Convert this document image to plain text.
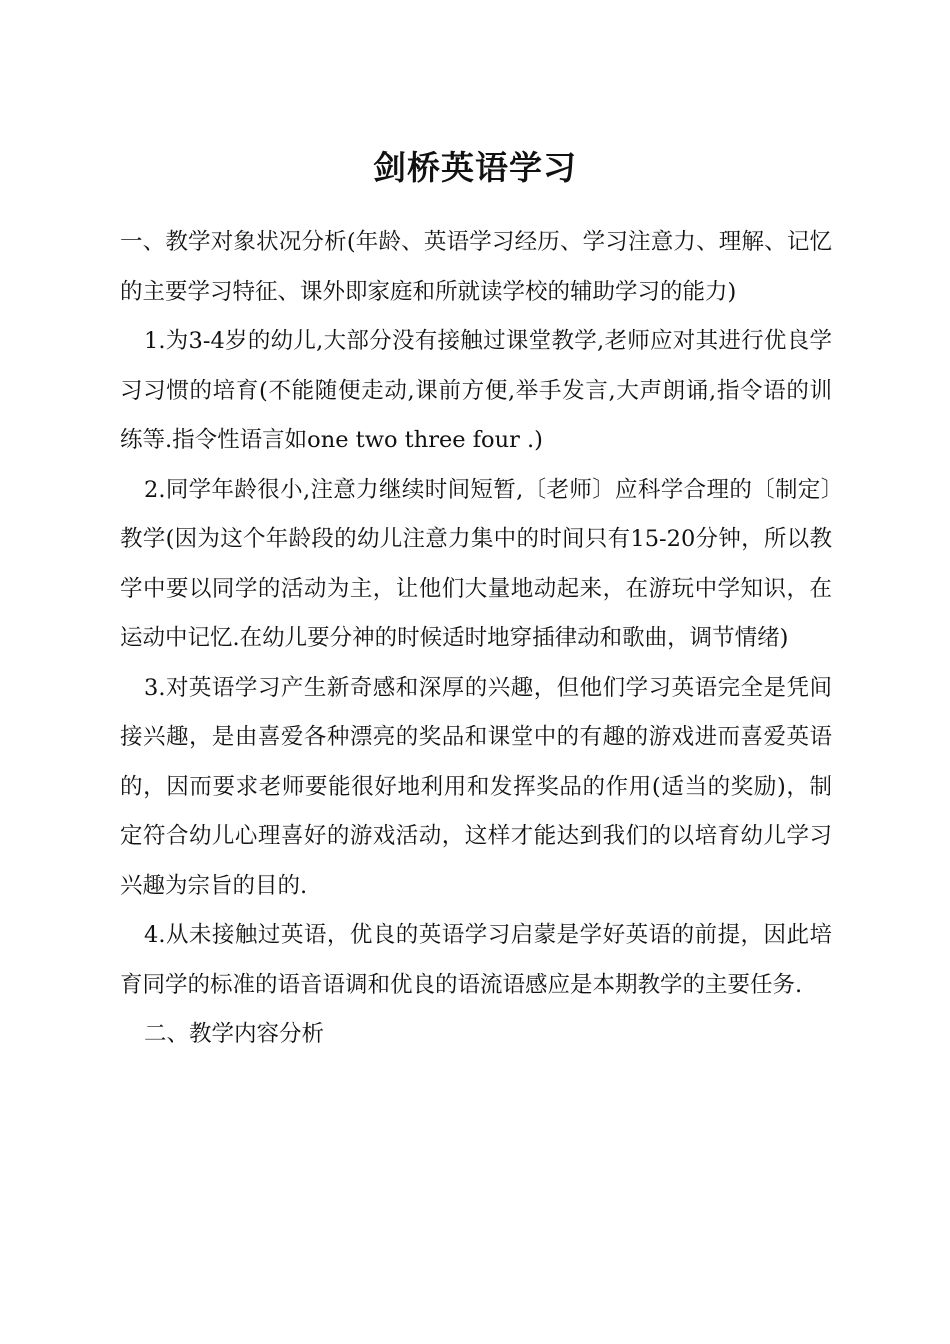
剑桥英语学习

一、教学对象状况分析(年龄、英语学习经历、学习注意力、理解、记忆的主要学习特征、课外即家庭和所就读学校的辅助学习的能力)

1.为3-4岁的幼儿,大部分没有接触过课堂教学,老师应对其进行优良学习习惯的培育(不能随便走动,课前方便,举手发言,大声朗诵,指令语的训练等.指令性语言如one two three four .)

2.同学年龄很小,注意力继续时间短暂,〔老师〕应科学合理的〔制定〕教学(因为这个年龄段的幼儿注意力集中的时间只有15-20分钟，所以教学中要以同学的活动为主，让他们大量地动起来，在游玩中学知识，在运动中记忆.在幼儿要分神的时候适时地穿插律动和歌曲，调节情绪)

3.对英语学习产生新奇感和深厚的兴趣，但他们学习英语完全是凭间接兴趣，是由喜爱各种漂亮的奖品和课堂中的有趣的游戏进而喜爱英语的，因而要求老师要能很好地利用和发挥奖品的作用(适当的奖励)，制定符合幼儿心理喜好的游戏活动，这样才能达到我们的以培育幼儿学习兴趣为宗旨的目的.

4.从未接触过英语，优良的英语学习启蒙是学好英语的前提，因此培育同学的标准的语音语调和优良的语流语感应是本期教学的主要任务.

二、教学内容分析
